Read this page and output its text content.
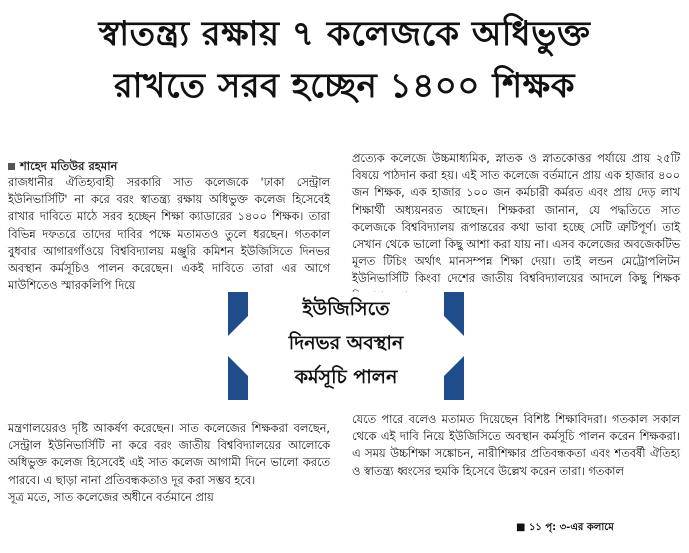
স্বাতন্ত্র্য রক্ষায় ৭ কলেজকে অধিভুক্ত
রাখতে সরব হচ্ছেন ১৪০০ শিক্ষক
শাহেদ মতিউর রহমান

রাজধানীর ঐতিহ্যবাহী সরকারি সাত কলেজকে 'ঢাকা সেন্ট্রাল ইউনিভার্সিটি' না করে বরং স্বাতন্ত্র্য রক্ষায় অধিভুক্ত কলেজ হিসেবেই রাখার দাবিতে মাঠে সরব হচ্ছেন শিক্ষা ক্যাডারের ১৪০০ শিক্ষক। তারা বিভিন্ন দফতরে তাদের দাবির পক্ষে মতামতও তুলে ধরছেন। গতকাল বুধবার আগারগাঁওয়ে বিশ্ববিদ্যালয় মঞ্জুরি কমিশন ইউজিসিতে দিনভর অবস্থান কর্মসূচিও পালন করেছেন। একই দাবিতে তারা এর আগে মাউশিতেও স্মারকলিপি দিয়ে

মন্ত্রণালয়েরও দৃষ্টি আকর্ষণ করেছেন। সাত কলেজের শিক্ষকরা বলছেন, সেন্ট্রাল ইউনিভার্সিটি না করে বরং জাতীয় বিশ্ববিদ্যালয়ের আলোকে অধিভুক্ত কলেজ হিসেবেই এই সাত কলেজ আগামী দিনে ভালো করতে পারবে। এ ছাড়া নানা প্রতিবন্ধকতাও দূর করা সম্ভব হবে।

সূত্র মতে, সাত কলেজের অধীনে বর্তমানে প্রায়

প্রত্যেক কলেজে উচ্চমাধ্যমিক, স্নাতক ও স্নাতকোত্তর পর্যায়ে প্রায় ২৫টি বিষয়ে পাঠদান করা হয়। এই সাত কলেজে বর্তমানে প্রায় এক হাজার ৪০০ জন শিক্ষক, এক হাজার ১০০ জন কর্মচারী কর্মরত এবং প্রায় দেড় লাখ শিক্ষার্থী অধ্যয়নরত আছেন। শিক্ষকরা জানান, যে পদ্ধতিতে সাত কলেজকে বিশ্ববিদ্যালয় রূপান্তরের কথা ভাবা হচ্ছে সেটি ত্রুটিপূর্ণ। তাই সেখান থেকে ভালো কিছু আশা করা যায় না। এসব কলেজের অবজেকটিভ মূলত টিচিং অর্থাৎ মানসম্পন্ন শিক্ষা দেয়া। তাই লন্ডন মেট্রোপলিটন ইউনিভার্সিটি কিংবা দেশের জাতীয় বিশ্ববিদ্যালয়ের আদলে কিছু শিক্ষক

যেতে পারে বলেও মতামত দিয়েছেন বিশিষ্ট শিক্ষাবিদরা। গতকাল সকাল থেকে এই দাবি নিয়ে ইউজিসিতে অবস্থান কর্মসূচি পালন করেন শিক্ষকরা। এ সময় উচ্চশিক্ষা সঙ্কোচন, নারীশিক্ষার প্রতিবন্ধকতা এবং শতবর্ষী ঐতিহ্য ও স্বাতন্ত্র্য ধ্বংসের হুমকি হিসেবে উল্লেখ করেন তারা। গতকাল

ইউজিসিতে
দিনভর অবস্থান
কর্মসূচি পালন
■ ১১ পৃ: ৩-এর কলামে
